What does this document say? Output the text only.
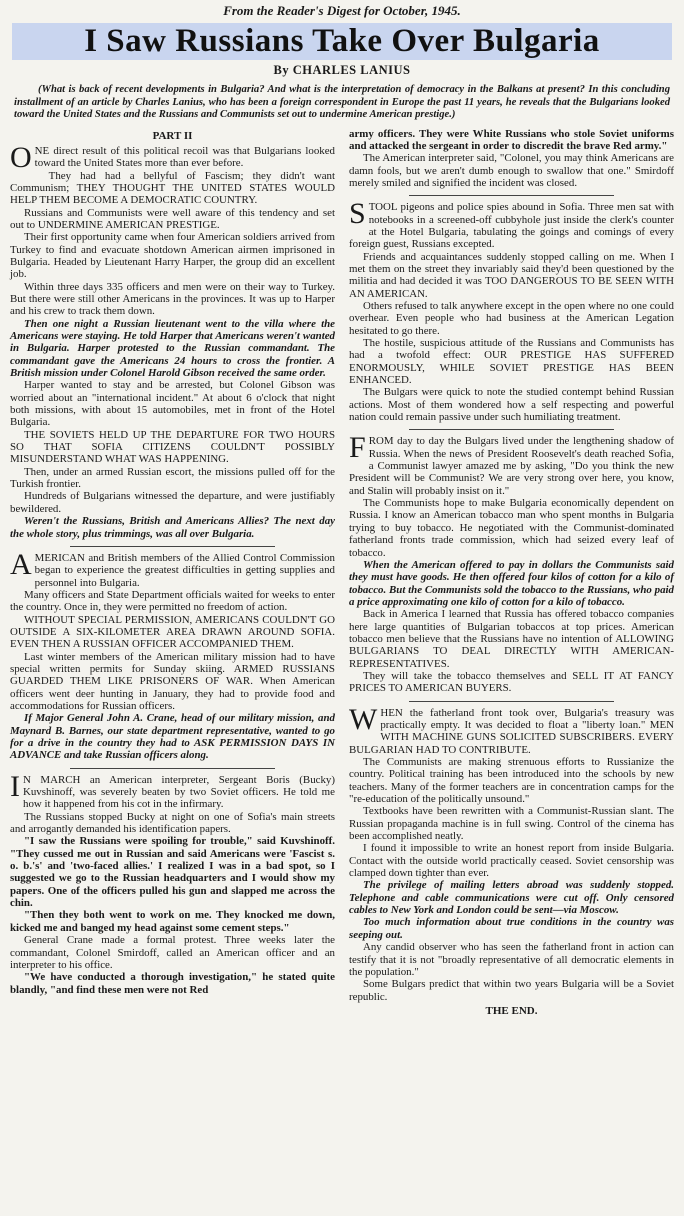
From the Reader's Digest for October, 1945.
I Saw Russians Take Over Bulgaria
By CHARLES LANIUS

(What is back of recent developments in Bulgaria? And what is the interpretation of democracy in the Balkans at present? In this concluding installment of an article by Charles Lanius, who has been a foreign correspondent in Europe the past 11 years, he reveals that the Bulgarians looked toward the United States and the Russians and Communists set out to undermine American prestige.)

PART II

ONE direct result of this political recoil was that Bulgarians looked toward the United States more than ever before.

They had had a bellyful of Fascism; they didn't want Communism; THEY THOUGHT THE UNITED STATES WOULD HELP THEM BECOME A DEMOCRATIC COUNTRY.

Russians and Communists were well aware of this tendency and set out to UNDERMINE AMERICAN PRESTIGE.

Their first opportunity came when four American soldiers arrived from Turkey to find and evacuate shotdown American airmen imprisoned in Bulgaria. Headed by Lieutenant Harry Harper, the group did an excellent job.

Within three days 335 officers and men were on their way to Turkey. But there were still other Americans in the provinces. It was up to Harper and his crew to track them down.

Then one night a Russian lieutenant went to the villa where the Americans were staying. He told Harper that Americans weren't wanted in Bulgaria. Harper protested to the Russian commandant. The commandant gave the Americans 24 hours to cross the frontier. A British mission under Colonel Harold Gibson received the same order.

Harper wanted to stay and be arrested, but Colonel Gibson was worried about an "international incident." At about 6 o'clock that night both missions, with about 15 automobiles, met in front of the Hotel Bulgaria.

THE SOVIETS HELD UP THE DEPARTURE FOR TWO HOURS SO THAT SOFIA CITIZENS COULDN'T POSSIBLY MISUNDERSTAND WHAT WAS HAPPENING.

Then, under an armed Russian escort, the missions pulled off for the Turkish frontier.

Hundreds of Bulgarians witnessed the departure, and were justifiably bewildered.

Weren't the Russians, British and Americans Allies? The next day the whole story, plus trimmings, was all over Bulgaria.

AMERICAN and British members of the Allied Control Commission began to experience the greatest difficulties in getting supplies and personnel into Bulgaria.

Many officers and State Department officials waited for weeks to enter the country. Once in, they were permitted no freedom of action.

WITHOUT SPECIAL PERMISSION, AMERICANS COULDN'T GO OUTSIDE A SIX-KILOMETER AREA DRAWN AROUND SOFIA. EVEN THEN A RUSSIAN OFFICER ACCOMPANIED THEM.

Last winter members of the American military mission had to have special written permits for Sunday skiing. ARMED RUSSIANS GUARDED THEM LIKE PRISONERS OF WAR. When American officers went deer hunting in January, they had to provide food and accommodations for Russian officers.

If Major General John A. Crane, head of our military mission, and Maynard B. Barnes, our state department representative, wanted to go for a drive in the country they had to ASK PERMISSION DAYS IN ADVANCE and take Russian officers along.

I N MARCH an American interpreter, Sergeant Boris (Bucky) Kuvshinoff, was severely beaten by two Soviet officers. He told me how it happened from his cot in the infirmary.

The Russians stopped Bucky at night on one of Sofia's main streets and arrogantly demanded his identification papers.

"I saw the Russians were spoiling for trouble," said Kuvshinoff. "They cussed me out in Russian and said Americans were 'Fascist s. o. b.'s' and 'two-faced allies.' I realized I was in a bad spot, so I suggested we go to the Russian headquarters and I would show my papers. One of the officers pulled his gun and slapped me across the chin.

"Then they both went to work on me. They knocked me down, kicked me and banged my head against some cement steps."

General Crane made a formal protest. Three weeks later the commandant, Colonel Smirdoff, called an American officer and an interpreter to his office.

"We have conducted a thorough investigation," he stated quite blandly, "and find these men were not Red

army officers. They were White Russians who stole Soviet uniforms and attacked the sergeant in order to discredit the brave Red army."

The American interpreter said, "Colonel, you may think Americans are damn fools, but we aren't dumb enough to swallow that one." Smirdoff merely smiled and signified the incident was closed.

STOOL pigeons and police spies abound in Sofia. Three men sat with notebooks in a screened-off cubbyhole just inside the clerk's counter at the Hotel Bulgaria, tabulating the goings and comings of every foreign guest, Russians excepted.

Friends and acquaintances suddenly stopped calling on me. When I met them on the street they invariably said they'd been questioned by the militia and had decided it was TOO DANGEROUS TO BE SEEN WITH AN AMERICAN.

Others refused to talk anywhere except in the open where no one could overhear. Even people who had business at the American Legation hesitated to go there.

The hostile, suspicious attitude of the Russians and Communists has had a twofold effect: OUR PRESTIGE HAS SUFFERED ENORMOUSLY, WHILE SOVIET PRESTIGE HAS BEEN ENHANCED.

The Bulgars were quick to note the studied contempt behind Russian actions. Most of them wondered how a self respecting and powerful nation could remain passive under such humiliating treatment.

FROM day to day the Bulgars lived under the lengthening shadow of Russia. When the news of President Roosevelt's death reached Sofia, a Communist lawyer amazed me by asking, "Do you think the new President will be Communist? We are very strong over here, you know, and Stalin will probably insist on it."

The Communists hope to make Bulgaria economically dependent on Russia. I know an American tobacco man who spent months in Bulgaria trying to buy tobacco. He negotiated with the Communist-dominated fatherland fronts trade commission, which had seized every leaf of tobacco.

When the American offered to pay in dollars the Communists said they must have goods. He then offered four kilos of cotton for a kilo of tobacco. But the Communists sold the tobacco to the Russians, who paid a price approximating one kilo of cotton for a kilo of tobacco.

Back in America I learned that Russia has offered tobacco companies here large quantities of Bulgarian tobaccos at top prices. American tobacco men believe that the Russians have no intention of ALLOWING BULGARIANS TO DEAL DIRECTLY WITH AMERICAN-REPRESENTATIVES.

They will take the tobacco themselves and SELL IT AT FANCY PRICES TO AMERICAN BUYERS.

WHEN the fatherland front took over, Bulgaria's treasury was practically empty. It was decided to float a "liberty loan." MEN WITH MACHINE GUNS SOLICITED SUBSCRIBERS. EVERY BULGARIAN HAD TO CONTRIBUTE.

The Communists are making strenuous efforts to Russianize the country. Political training has been introduced into the schools by new teachers. Many of the former teachers are in concentration camps for the "re-education of the politically unsound."

Textbooks have been rewritten with a Communist-Russian slant. The Russian propaganda machine is in full swing. Control of the cinema has been accomplished neatly.

I found it impossible to write an honest report from inside Bulgaria. Contact with the outside world practically ceased. Soviet censorship was clamped down tighter than ever.

The privilege of mailing letters abroad was suddenly stopped. Telephone and cable communications were cut off. Only censored cables to New York and London could be sent—via Moscow.

Too much information about true conditions in the country was seeping out.

Any candid observer who has seen the fatherland front in action can testify that it is not "broadly representative of all democratic elements in the population."

Some Bulgars predict that within two years Bulgaria will be a Soviet republic.

THE END.
